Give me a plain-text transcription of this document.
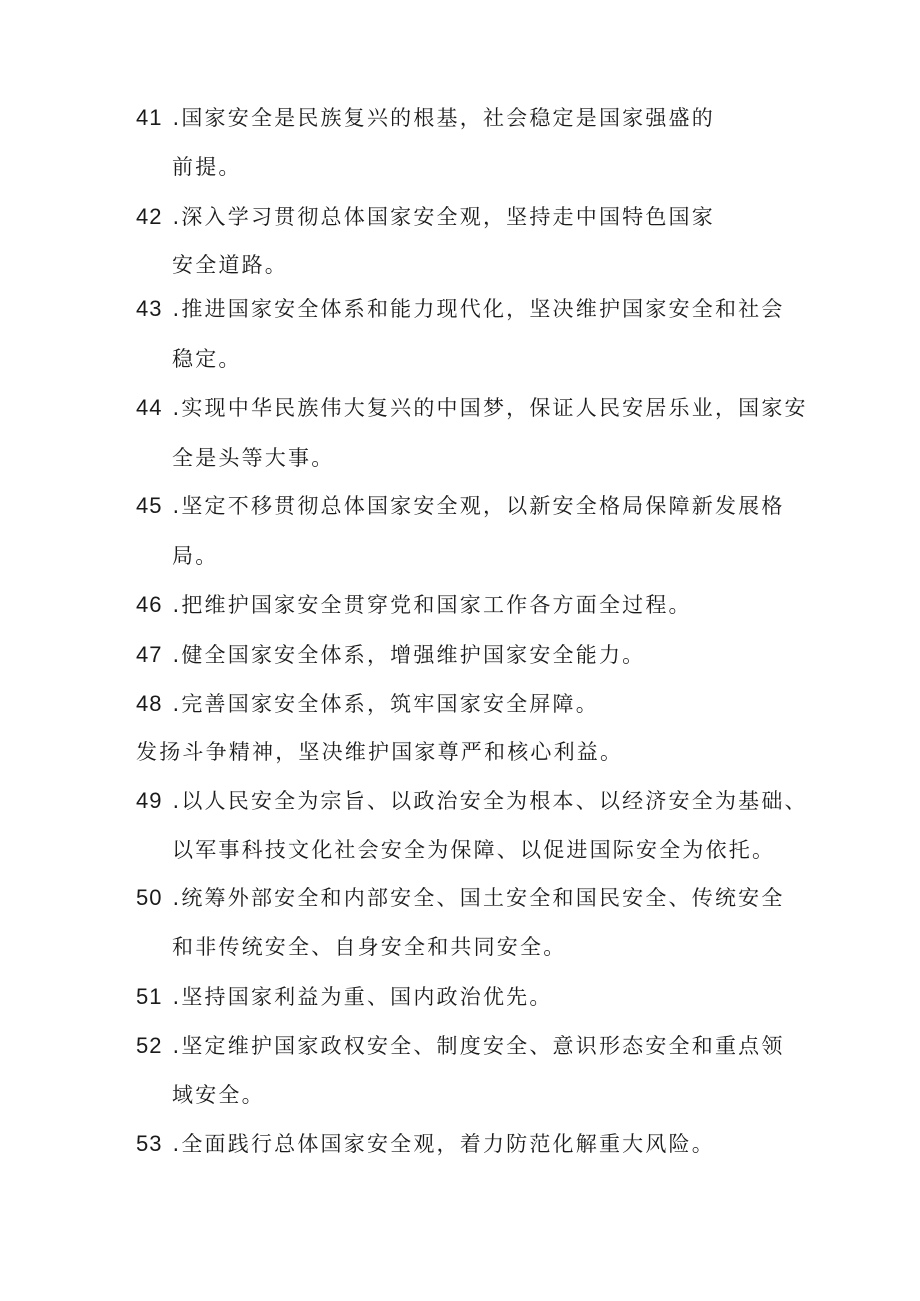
41 .国家安全是民族复兴的根基，社会稳定是国家强盛的
前提。
42 .深入学习贯彻总体国家安全观，坚持走中国特色国家
安全道路。
43 .推进国家安全体系和能力现代化，坚决维护国家安全和社会
稳定。
44 .实现中华民族伟大复兴的中国梦，保证人民安居乐业，国家安
全是头等大事。
45 .坚定不移贯彻总体国家安全观，以新安全格局保障新发展格
局。
46 .把维护国家安全贯穿党和国家工作各方面全过程。
47 .健全国家安全体系，增强维护国家安全能力。
48 .完善国家安全体系，筑牢国家安全屏障。
发扬斗争精神，坚决维护国家尊严和核心利益。
49 .以人民安全为宗旨、以政治安全为根本、以经济安全为基础、
以军事科技文化社会安全为保障、以促进国际安全为依托。
50 .统筹外部安全和内部安全、国土安全和国民安全、传统安全
和非传统安全、自身安全和共同安全。
51 .坚持国家利益为重、国内政治优先。
52 .坚定维护国家政权安全、制度安全、意识形态安全和重点领
域安全。
53 .全面践行总体国家安全观，着力防范化解重大风险。
